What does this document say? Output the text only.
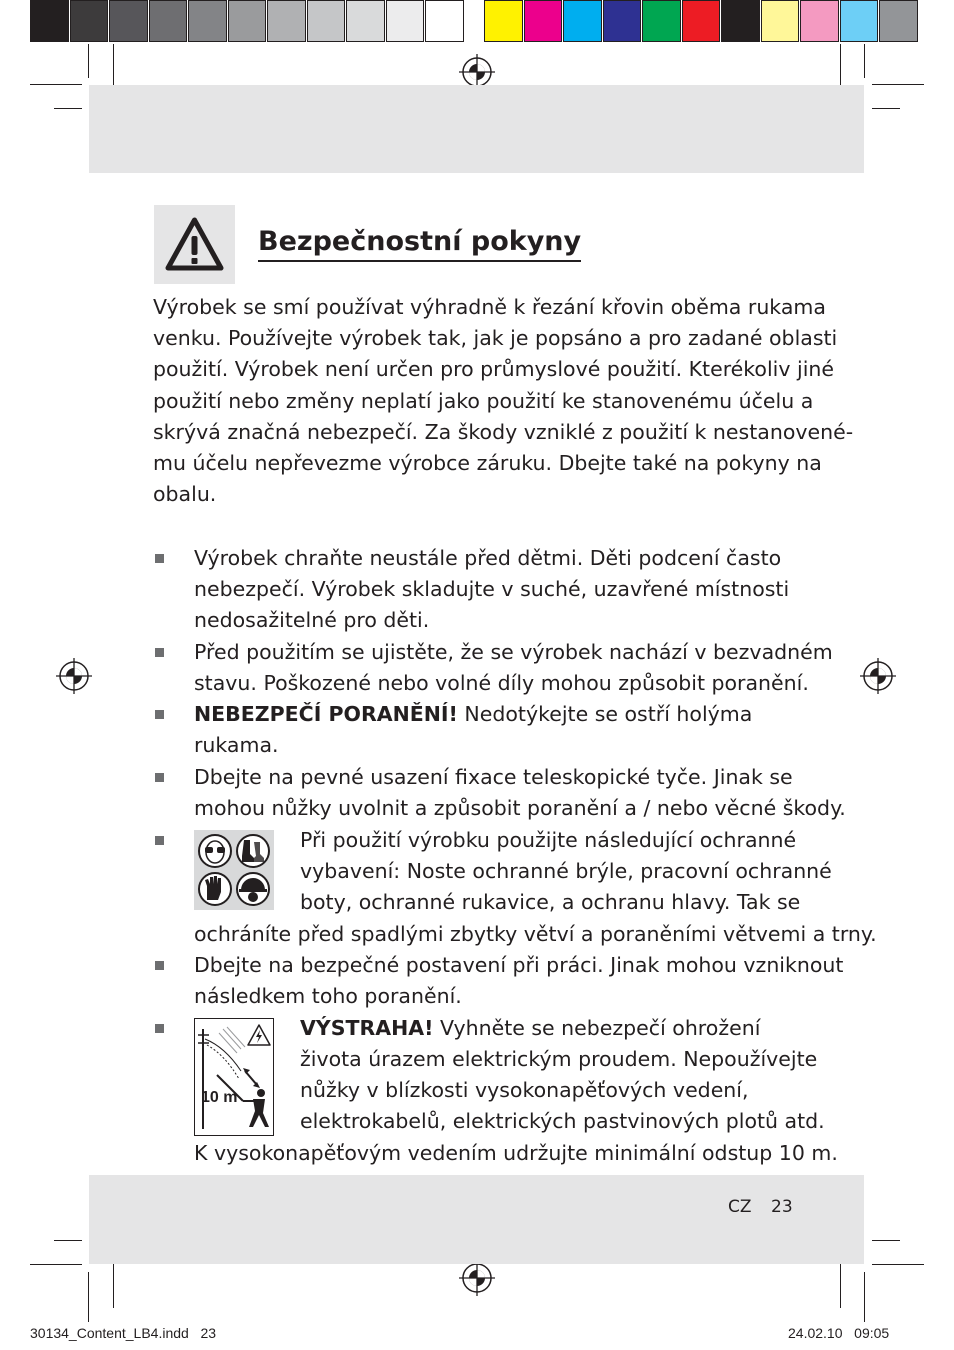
Bezpečnostní pokyny
Výrobek se smí používat výhradně k řezání křovin oběma rukama
venku. Používejte výrobek tak, jak je popsáno a pro zadané oblasti
použití. Výrobek není určen pro průmyslové použití. Kterékoliv jiné
použití nebo změny neplatí jako použití ke stanovenému účelu a
skrývá značná nebezpečí. Za škody vzniklé z použití k nestanovené-
mu účelu nepřevezme výrobce záruku. Dbejte také na pokyny na
obalu.
Výrobek chraňte neustále před dětmi. Děti podcení často
nebezpečí. Výrobek skladujte v suché, uzavřené místnosti
nedosažitelné pro děti.
Před použitím se ujistěte, že se výrobek nachází v bezvadném
stavu. Poškozené nebo volné díly mohou způsobit poranění.
NEBEZPEČÍ PORANĚNÍ! Nedotýkejte se ostří holýma
rukama.
Dbejte na pevné usazení fixace teleskopické tyče. Jinak se
mohou nůžky uvolnit a způsobit poranění a / nebo věcné škody.
Při použití výrobku použijte následující ochranné
vybavení: Noste ochranné brýle, pracovní ochranné
boty, ochranné rukavice, a ochranu hlavy. Tak se
ochráníte před spadlými zbytky větví a poraněními větvemi a trny.
Dbejte na bezpečné postavení při práci. Jinak mohou vzniknout
následkem toho poranění.
10 m
VÝSTRAHA! Vyhněte se nebezpečí ohrožení
života úrazem elektrickým proudem. Nepoužívejte
nůžky v blízkosti vysokonapěťových vedení,
elektrokabelů, elektrických pastvinových plotů atd.
K vysokonapěťovým vedením udržujte minimální odstup 10 m.
CZ 23
30134_Content_LB4.indd   23	24.02.10   09:05
